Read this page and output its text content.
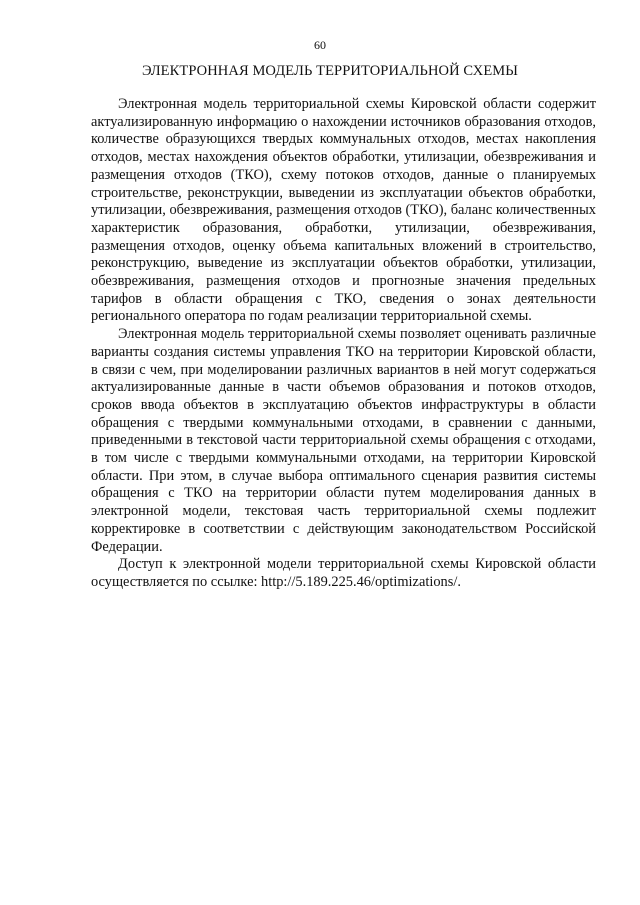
60
ЭЛЕКТРОННАЯ МОДЕЛЬ ТЕРРИТОРИАЛЬНОЙ СХЕМЫ

Электронная модель территориальной схемы Кировской области содержит актуализированную информацию о нахождении источников образования отходов, количестве образующихся твердых коммунальных отходов, местах накопления отходов, местах нахождения объектов обработки, утилизации, обезвреживания и размещения отходов (ТКО), схему потоков отходов, данные о планируемых строительстве, реконструкции, выведении из эксплуатации объектов обработки, утилизации, обезвреживания, размещения отходов (ТКО), баланс количественных характеристик образования, обработки, утилизации, обезвреживания, размещения отходов, оценку объема капитальных вложений в строительство, реконструкцию, выведение из эксплуатации объектов обработки, утилизации, обезвреживания, размещения отходов и прогнозные значения предельных тарифов в области обращения с ТКО, сведения о зонах деятельности регионального оператора по годам реализации территориальной схемы.

Электронная модель территориальной схемы позволяет оценивать различные варианты создания системы управления ТКО на территории Кировской области, в связи с чем, при моделировании различных вариантов в ней могут содержаться актуализированные данные в части объемов образования и потоков отходов, сроков ввода объектов в эксплуатацию объектов инфраструктуры в области обращения с твердыми коммунальными отходами, в сравнении с данными, приведенными в текстовой части территориальной схемы обращения с отходами, в том числе с твердыми коммунальными отходами, на территории Кировской области. При этом, в случае выбора оптимального сценария развития системы обращения с ТКО на территории области путем моделирования данных в электронной модели, текстовая часть территориальной схемы подлежит корректировке в соответствии с действующим законодательством Российской Федерации.

Доступ к электронной модели территориальной схемы Кировской области осуществляется по ссылке: http://5.189.225.46/optimizations/.
